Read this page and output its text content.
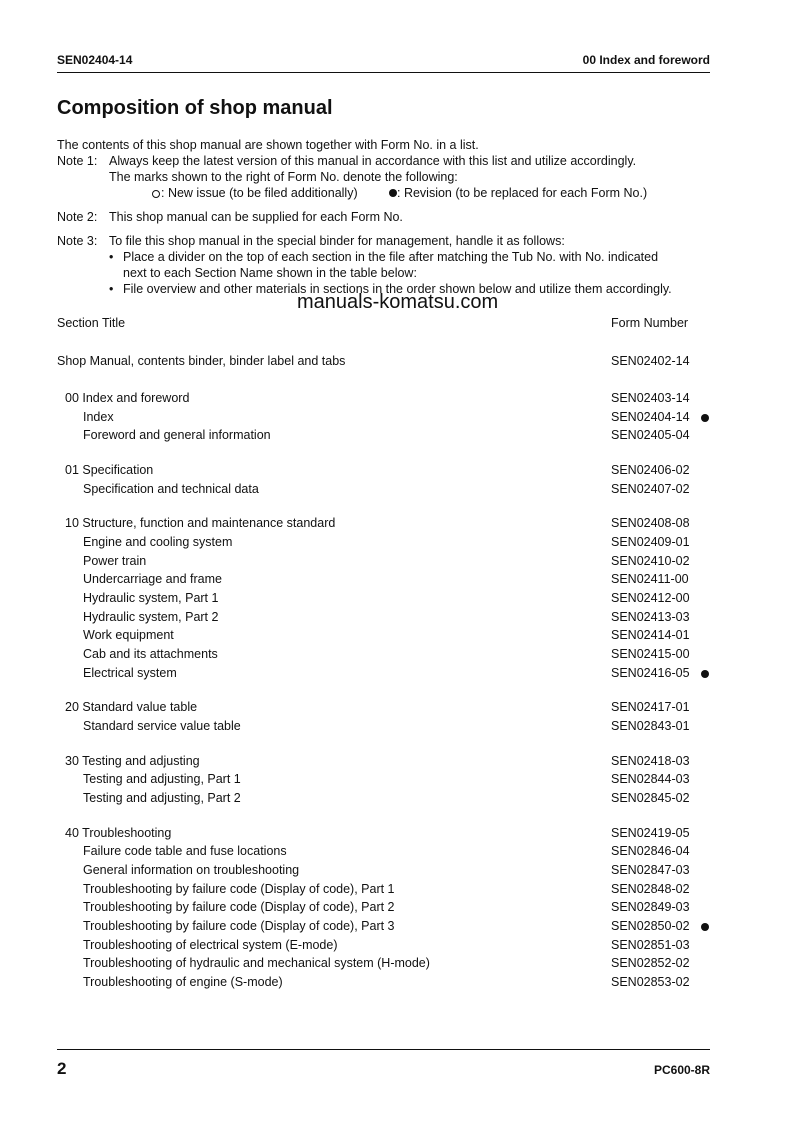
SEN02404-14	00 Index and foreword
Composition of shop manual
The contents of this shop manual are shown together with Form No. in a list.
Note 1: Always keep the latest version of this manual in accordance with this list and utilize accordingly.
The marks shown to the right of Form No. denote the following:
: New issue (to be filed additionally)	: Revision (to be replaced for each Form No.)
Note 2: This shop manual can be supplied for each Form No.
Note 3: To file this shop manual in the special binder for management, handle it as follows:
• Place a divider on the top of each section in the file after matching the Tub No. with No. indicated
next to each Section Name shown in the table below:
• File overview and other materials in sections in the order shown below and utilize them accordingly.
manuals-komatsu.com
Section Title	Form Number
Shop Manual, contents binder, binder label and tabs	SEN02402-14
00 Index and foreword	SEN02403-14
Index	SEN02404-14
Foreword and general information	SEN02405-04
01 Specification	SEN02406-02
Specification and technical data	SEN02407-02
10 Structure, function and maintenance standard	SEN02408-08
Engine and cooling system	SEN02409-01
Power train	SEN02410-02
Undercarriage and frame	SEN02411-00
Hydraulic system, Part 1	SEN02412-00
Hydraulic system, Part 2	SEN02413-03
Work equipment	SEN02414-01
Cab and its attachments	SEN02415-00
Electrical system	SEN02416-05
20 Standard value table	SEN02417-01
Standard service value table	SEN02843-01
30 Testing and adjusting	SEN02418-03
Testing and adjusting, Part 1	SEN02844-03
Testing and adjusting, Part 2	SEN02845-02
40 Troubleshooting	SEN02419-05
Failure code table and fuse locations	SEN02846-04
General information on troubleshooting	SEN02847-03
Troubleshooting by failure code (Display of code), Part 1	SEN02848-02
Troubleshooting by failure code (Display of code), Part 2	SEN02849-03
Troubleshooting by failure code (Display of code), Part 3	SEN02850-02
Troubleshooting of electrical system (E-mode)	SEN02851-03
Troubleshooting of hydraulic and mechanical system (H-mode)	SEN02852-02
Troubleshooting of engine (S-mode)	SEN02853-02
2	PC600-8R
